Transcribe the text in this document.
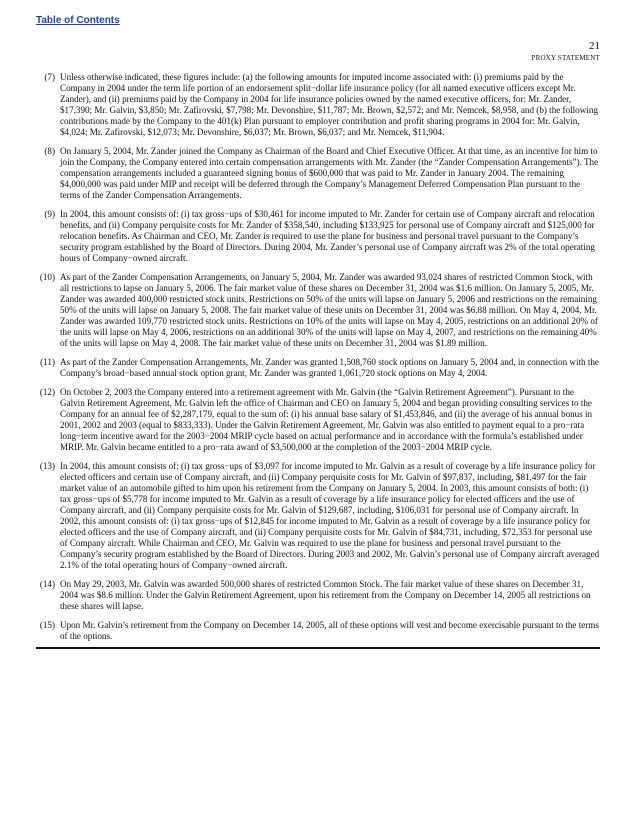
Table of Contents
21
PROXY STATEMENT
(7) Unless otherwise indicated, these figures include: (a) the following amounts for imputed income associated with: (i) premiums paid by the Company in 2004 under the term life portion of an endorsement split−dollar life insurance policy (for all named executive officers except Mr. Zander), and (ii) premiums paid by the Company in 2004 for life insurance policies owned by the named executive officers, for: Mr. Zander, $17,390; Mr. Galvin, $3,850; Mr. Zafirovski, $7,798; Mr. Devonshire, $11,787; Mr. Brown, $2,572; and Mr. Nemcek, $8,958, and (b) the following contributions made by the Company to the 401(k) Plan pursuant to employer contribution and profit sharing programs in 2004 for: Mr. Galvin, $4,024; Mr. Zafirovski, $12,073; Mr. Devonshire, $6,037; Mr. Brown, $6,037; and Mr. Nemcek, $11,904.
(8) On January 5, 2004, Mr. Zander joined the Company as Chairman of the Board and Chief Executive Officer. At that time, as an incentive for him to join the Company, the Company entered into certain compensation arrangements with Mr. Zander (the “Zander Compensation Arrangements”). The compensation arrangements included a guaranteed signing bonus of $600,000 that was paid to Mr. Zander in January 2004. The remaining $4,000,000 was paid under MIP and receipt will be deferred through the Company’s Management Deferred Compensation Plan pursuant to the terms of the Zander Compensation Arrangements.
(9) In 2004, this amount consists of: (i) tax gross−ups of $30,461 for income imputed to Mr. Zander for certain use of Company aircraft and relocation benefits, and (ii) Company perquisite costs for Mr. Zander of $358,540, including $133,925 for personal use of Company aircraft and $125,000 for relocation benefits. As Chairman and CEO, Mr. Zander is required to use the plane for business and personal travel pursuant to the Company’s security program established by the Board of Directors. During 2004, Mr. Zander’s personal use of Company aircraft was 2% of the total operating hours of Company−owned aircraft.
(10) As part of the Zander Compensation Arrangements, on January 5, 2004, Mr. Zander was awarded 93,024 shares of restricted Common Stock, with all restrictions to lapse on January 5, 2006. The fair market value of these shares on December 31, 2004 was $1.6 million. On January 5, 2005, Mr. Zander was awarded 400,000 restricted stock units. Restrictions on 50% of the units will lapse on January 5, 2006 and restrictions on the remaining 50% of the units will lapse on January 5, 2008. The fair market value of these units on December 31, 2004 was $6.88 million. On May 4, 2004, Mr. Zander was awarded 109,770 restricted stock units. Restrictions on 10% of the units will lapse on May 4, 2005, restrictions on an additional 20% of the units will lapse on May 4, 2006, restrictions on an additional 30% of the units will lapse on May 4, 2007, and restrictions on the remaining 40% of the units will lapse on May 4, 2008. The fair market value of these units on December 31, 2004 was $1.89 million.
(11) As part of the Zander Compensation Arrangements, Mr. Zander was granted 1,508,760 stock options on January 5, 2004 and, in connection with the Company’s broad−based annual stock option grant, Mr. Zander was granted 1,061,720 stock options on May 4, 2004.
(12) On October 2, 2003 the Company entered into a retirement agreement with Mr. Galvin (the “Galvin Retirement Agreement”). Pursuant to the Galvin Retirement Agreement, Mr. Galvin left the office of Chairman and CEO on January 5, 2004 and began providing consulting services to the Company for an annual fee of $2,287,179, equal to the sum of: (i) his annual base salary of $1,453,846, and (ii) the average of his annual bonus in 2001, 2002 and 2003 (equal to $833,333). Under the Galvin Retirement Agreement, Mr. Galvin was also entitled to payment equal to a pro−rata long−term incentive award for the 2003−2004 MRIP cycle based on actual performance and in accordance with the formula’s established under MRIP. Mr. Galvin became entitled to a pro−rata award of $3,500,000 at the completion of the 2003−2004 MRIP cycle.
(13) In 2004, this amount consists of: (i) tax gross−ups of $3,097 for income imputed to Mr. Galvin as a result of coverage by a life insurance policy for elected officers and certain use of Company aircraft, and (ii) Company perquisite costs for Mr. Galvin of $97,837, including, $81,497 for the fair market value of an automobile gifted to him upon his retirement from the Company on January 5, 2004. In 2003, this amount consists of both: (i) tax gross−ups of $5,778 for income imputed to Mr. Galvin as a result of coverage by a life insurance policy for elected officers and the use of Company aircraft, and (ii) Company perquisite costs for Mr. Galvin of $129,687, including, $106,031 for personal use of Company aircraft. In 2002, this amount consists of: (i) tax gross−ups of $12,845 for income imputed to Mr. Galvin as a result of coverage by a life insurance policy for elected officers and the use of Company aircraft, and (ii) Company perquisite costs for Mr. Galvin of $84,731, including, $72,353 for personal use of Company aircraft. While Chairman and CEO, Mr. Galvin was required to use the plane for business and personal travel pursuant to the Company’s security program established by the Board of Directors. During 2003 and 2002, Mr. Galvin’s personal use of Company aircraft averaged 2.1% of the total operating hours of Company−owned aircraft.
(14) On May 29, 2003, Mr. Galvin was awarded 500,000 shares of restricted Common Stock. The fair market value of these shares on December 31, 2004 was $8.6 million. Under the Galvin Retirement Agreement, upon his retirement from the Company on December 14, 2005 all restrictions on these shares will lapse.
(15) Upon Mr. Galvin’s retirement from the Company on December 14, 2005, all of these options will vest and become exercisable pursuant to the terms of the options.
